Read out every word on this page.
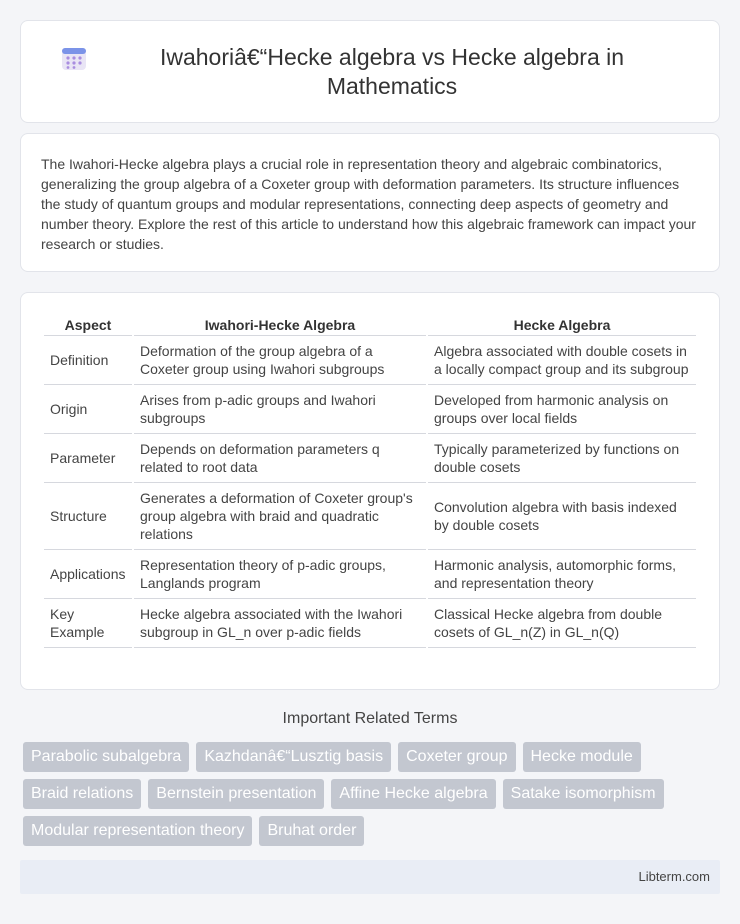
Iwahoriâ€“Hecke algebra vs Hecke algebra in Mathematics

The Iwahori-Hecke algebra plays a crucial role in representation theory and algebraic combinatorics, generalizing the group algebra of a Coxeter group with deformation parameters. Its structure influences the study of quantum groups and modular representations, connecting deep aspects of geometry and number theory. Explore the rest of this article to understand how this algebraic framework can impact your research or studies.

Aspect	Iwahori-Hecke Algebra	Hecke Algebra
Definition	Deformation of the group algebra of a Coxeter group using Iwahori subgroups	Algebra associated with double cosets in a locally compact group and its subgroup
Origin	Arises from p-adic groups and Iwahori subgroups	Developed from harmonic analysis on groups over local fields
Parameter	Depends on deformation parameters q related to root data	Typically parameterized by functions on double cosets
Structure	Generates a deformation of Coxeter group's group algebra with braid and quadratic relations	Convolution algebra with basis indexed by double cosets
Applications	Representation theory of p-adic groups, Langlands program	Harmonic analysis, automorphic forms, and representation theory
Key Example	Hecke algebra associated with the Iwahori subgroup in GL_n over p-adic fields	Classical Hecke algebra from double cosets of GL_n(Z) in GL_n(Q)
Important Related Terms
Parabolic subalgebra	Kazhdanâ€“Lusztig basis	Coxeter group	Hecke module
Braid relations	Bernstein presentation	Affine Hecke algebra	Satake isomorphism
Modular representation theory	Bruhat order
Libterm.com
